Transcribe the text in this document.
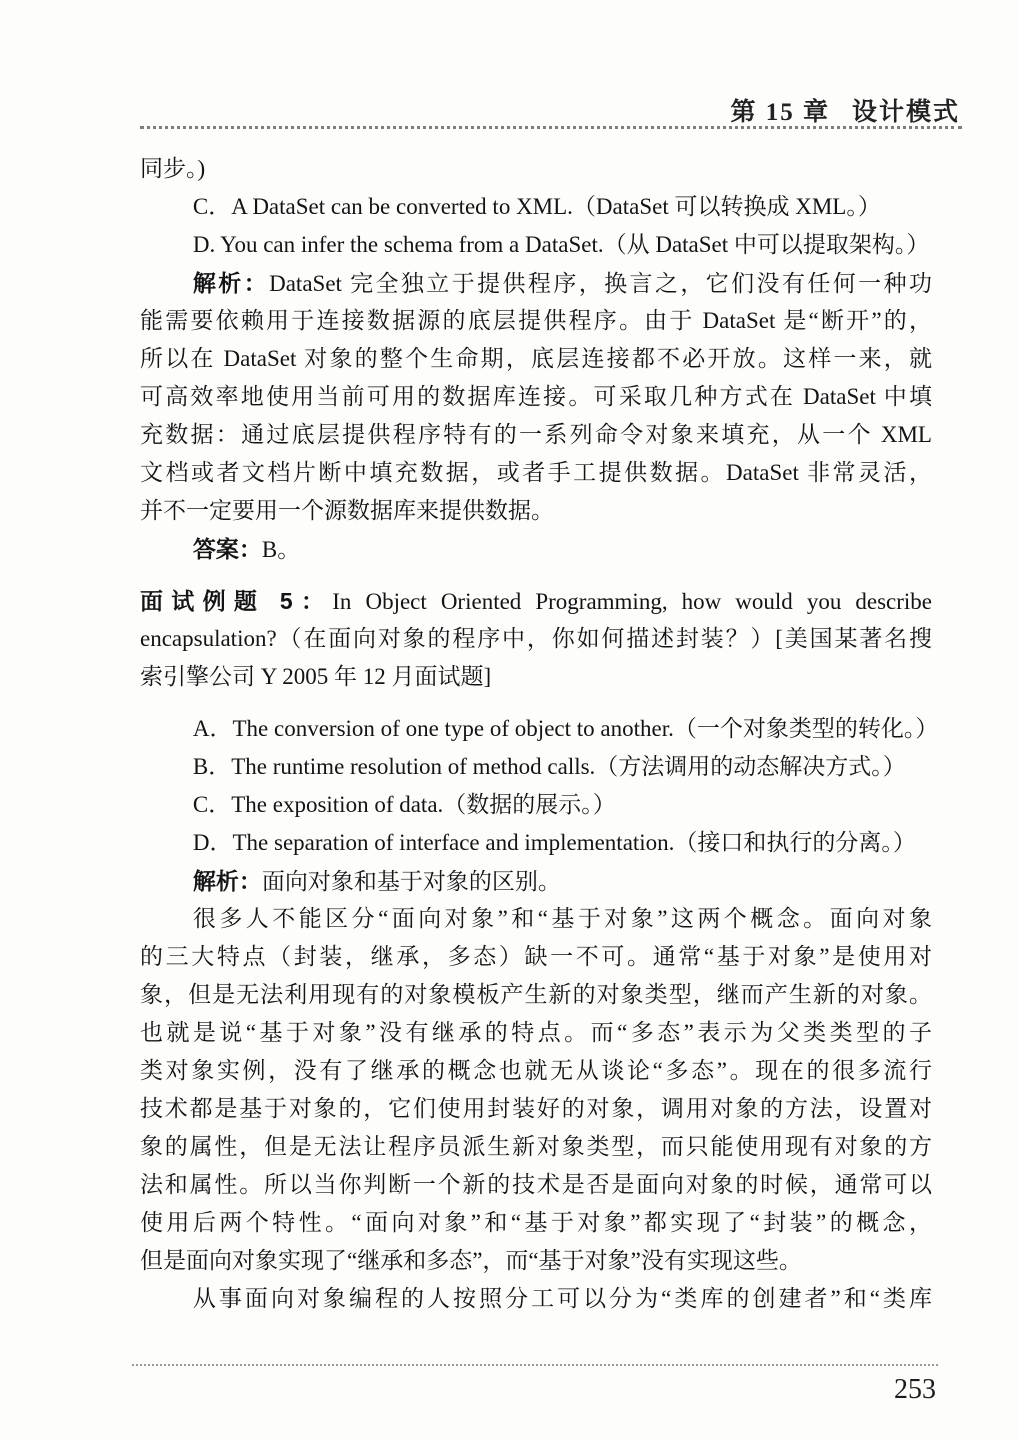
第 15 章 设计模式
同步。)
C．A DataSet can be converted to XML.（DataSet 可以转换成 XML。）
D. You can infer the schema from a DataSet.（从 DataSet 中可以提取架构。）
解析：DataSet 完全独立于提供程序，换言之，它们没有任何一种功
能需要依赖用于连接数据源的底层提供程序。由于 DataSet 是“断开”的，
所以在 DataSet 对象的整个生命期，底层连接都不必开放。这样一来，就
可高效率地使用当前可用的数据库连接。可采取几种方式在 DataSet 中填
充数据：通过底层提供程序特有的一系列命令对象来填充，从一个 XML
文档或者文档片断中填充数据，或者手工提供数据。DataSet 非常灵活，
并不一定要用一个源数据库来提供数据。
答案：B。
面试例题 5：In Object Oriented Programming, how would you describe
encapsulation?（在面向对象的程序中，你如何描述封装？）[美国某著名搜
索引擎公司 Y 2005 年 12 月面试题]
A．The conversion of one type of object to another.（一个对象类型的转化。）
B．The runtime resolution of method calls.（方法调用的动态解决方式。）
C．The exposition of data.（数据的展示。）
D．The separation of interface and implementation.（接口和执行的分离。）
解析：面向对象和基于对象的区别。
很多人不能区分“面向对象”和“基于对象”这两个概念。面向对象
的三大特点（封装，继承，多态）缺一不可。通常“基于对象”是使用对
象，但是无法利用现有的对象模板产生新的对象类型，继而产生新的对象。
也就是说“基于对象”没有继承的特点。而“多态”表示为父类类型的子
类对象实例，没有了继承的概念也就无从谈论“多态”。现在的很多流行
技术都是基于对象的，它们使用封装好的对象，调用对象的方法，设置对
象的属性，但是无法让程序员派生新对象类型，而只能使用现有对象的方
法和属性。所以当你判断一个新的技术是否是面向对象的时候，通常可以
使用后两个特性。“面向对象”和“基于对象”都实现了“封装”的概念，
但是面向对象实现了“继承和多态”，而“基于对象”没有实现这些。
从事面向对象编程的人按照分工可以分为“类库的创建者”和“类库
253
